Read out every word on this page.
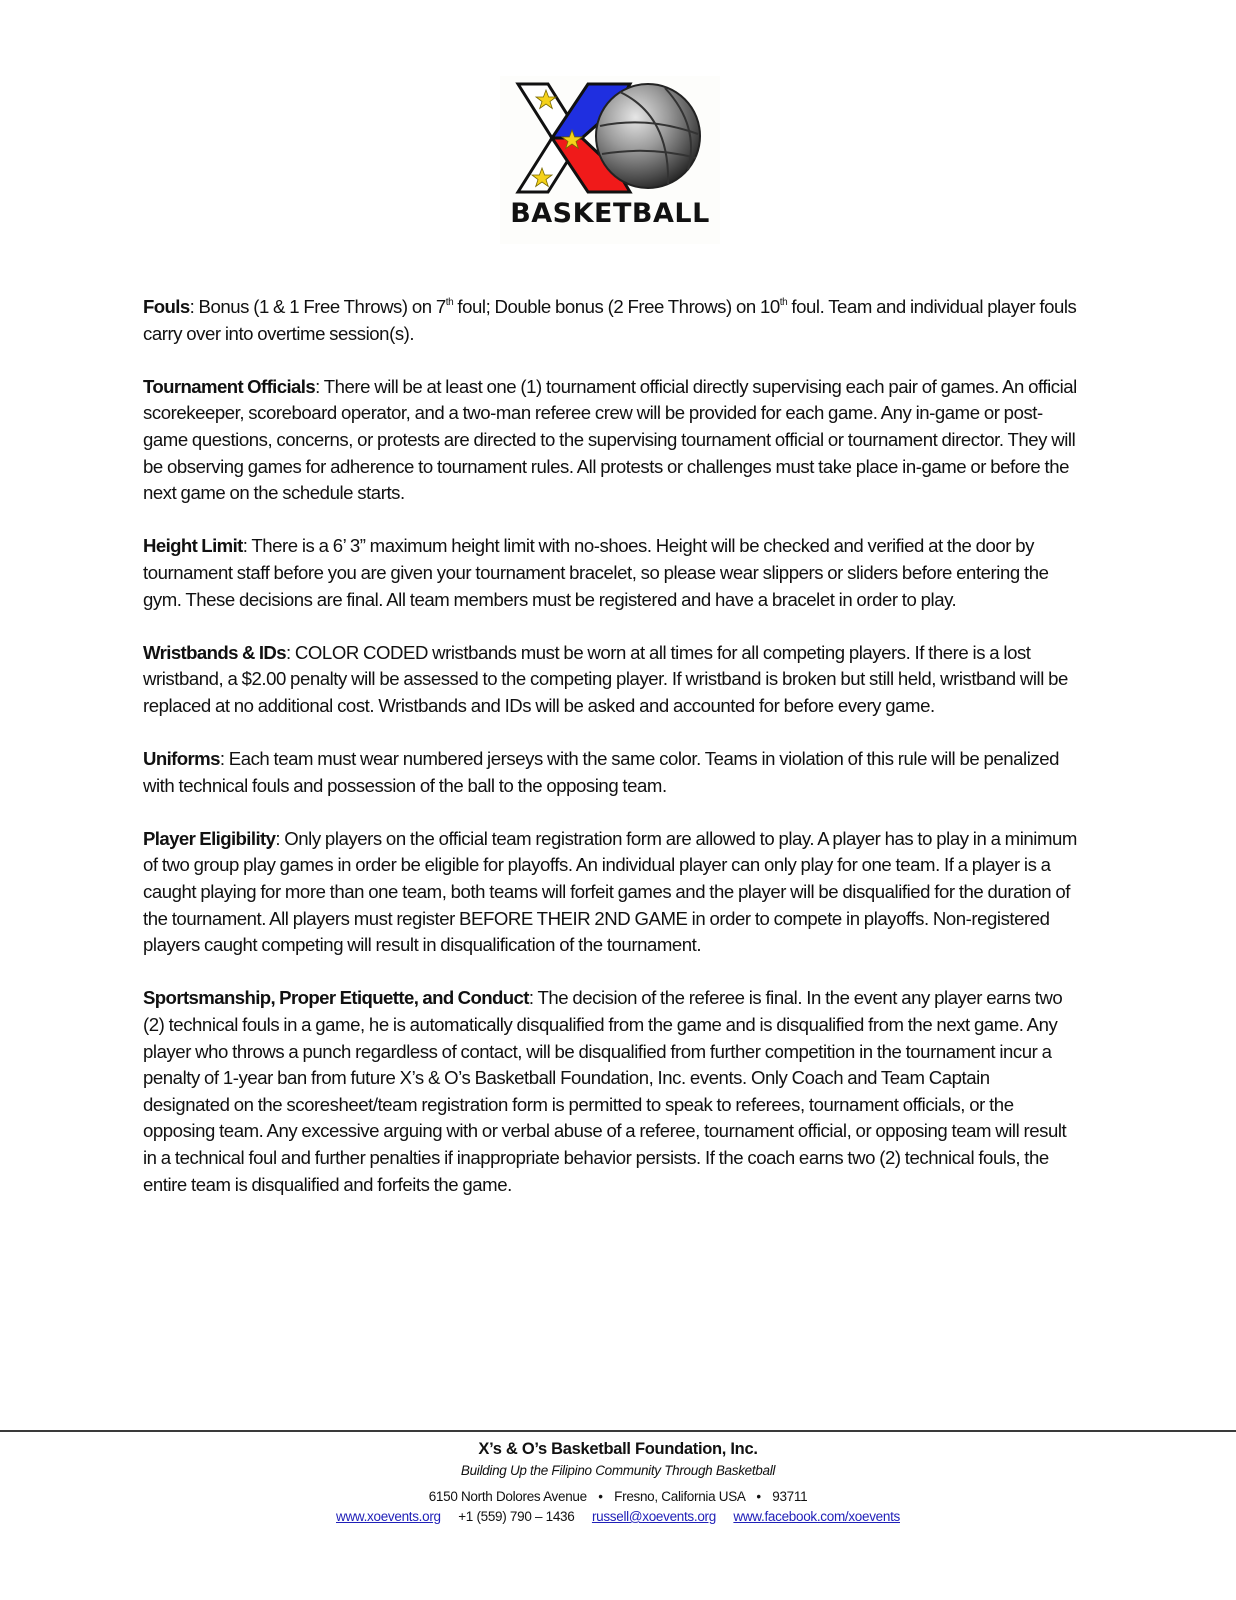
BASKETBALL

Fouls: Bonus (1 & 1 Free Throws) on 7th foul; Double bonus (2 Free Throws) on 10th foul. Team and individual player fouls carry over into overtime session(s).

Tournament Officials: There will be at least one (1) tournament official directly supervising each pair of games. An official scorekeeper, scoreboard operator, and a two-man referee crew will be provided for each game. Any in-game or post-game questions, concerns, or protests are directed to the supervising tournament official or tournament director. They will be observing games for adherence to tournament rules. All protests or challenges must take place in-game or before the next game on the schedule starts.

Height Limit: There is a 6’ 3” maximum height limit with no-shoes. Height will be checked and verified at the door by tournament staff before you are given your tournament bracelet, so please wear slippers or sliders before entering the gym. These decisions are final. All team members must be registered and have a bracelet in order to play.

Wristbands & IDs: COLOR CODED wristbands must be worn at all times for all competing players. If there is a lost wristband, a $2.00 penalty will be assessed to the competing player. If wristband is broken but still held, wristband will be replaced at no additional cost. Wristbands and IDs will be asked and accounted for before every game.

Uniforms: Each team must wear numbered jerseys with the same color. Teams in violation of this rule will be penalized with technical fouls and possession of the ball to the opposing team.

Player Eligibility: Only players on the official team registration form are allowed to play. A player has to play in a minimum of two group play games in order be eligible for playoffs. An individual player can only play for one team. If a player is a caught playing for more than one team, both teams will forfeit games and the player will be disqualified for the duration of the tournament. All players must register BEFORE THEIR 2ND GAME in order to compete in playoffs. Non-registered players caught competing will result in disqualification of the tournament.

Sportsmanship, Proper Etiquette, and Conduct: The decision of the referee is final. In the event any player earns two (2) technical fouls in a game, he is automatically disqualified from the game and is disqualified from the next game. Any player who throws a punch regardless of contact, will be disqualified from further competition in the tournament incur a penalty of 1-year ban from future X’s & O’s Basketball Foundation, Inc. events. Only Coach and Team Captain designated on the scoresheet/team registration form is permitted to speak to referees, tournament officials, or the opposing team. Any excessive arguing with or verbal abuse of a referee, tournament official, or opposing team will result in a technical foul and further penalties if inappropriate behavior persists. If the coach earns two (2) technical fouls, the entire team is disqualified and forfeits the game.

X’s & O’s Basketball Foundation, Inc.
Building Up the Filipino Community Through Basketball
6150 North Dolores Avenue • Fresno, California USA • 93711
www.xoevents.org +1 (559) 790 – 1436 russell@xoevents.org www.facebook.com/xoevents
